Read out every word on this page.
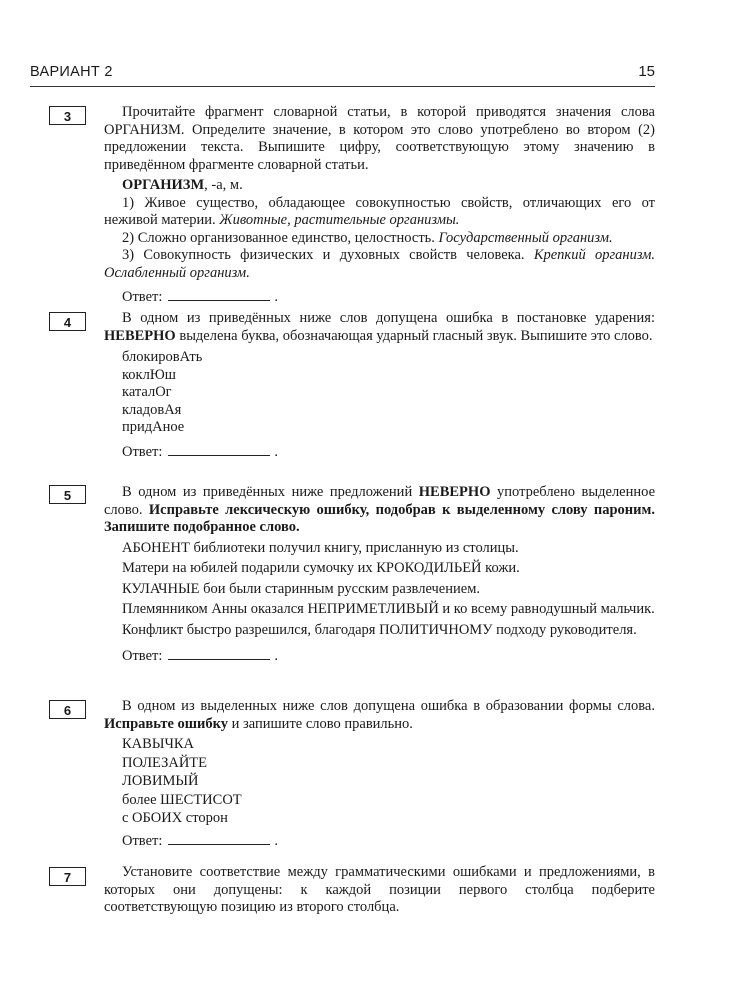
ВАРИАНТ 2	15
3	Прочитайте фрагмент словарной статьи, в которой приводятся значения слова ОРГАНИЗМ. Определите значение, в котором это слово употреблено во втором (2) предложении текста. Выпишите цифру, соответствующую этому значению в приведённом фрагменте словарной статьи.

ОРГАНИЗМ, -а, м.

1) Живое существо, обладающее совокупностью свойств, отличающих его от неживой материи. Животные, растительные организмы.

2) Сложно организованное единство, целостность. Государственный организм.

3) Совокупность физических и духовных свойств человека. Крепкий организм. Ослабленный организм.

Ответ:	.
4	В одном из приведённых ниже слов допущена ошибка в постановке ударения: НЕВЕРНО выделена буква, обозначающая ударный гласный звук. Выпишите это слово.

блокировАть
коклЮш
каталОг
кладовАя
придАное
Ответ:	.
5	В одном из приведённых ниже предложений НЕВЕРНО употреблено выделенное слово. Исправьте лексическую ошибку, подобрав к выделенному слову пароним. Запишите подобранное слово.

АБОНЕНТ библиотеки получил книгу, присланную из столицы.

Матери на юбилей подарили сумочку их КРОКОДИЛЬЕЙ кожи.

КУЛАЧНЫЕ бои были старинным русским развлечением.

Племянником Анны оказался НЕПРИМЕТЛИВЫЙ и ко всему равнодушный мальчик.

Конфликт быстро разрешился, благодаря ПОЛИТИЧНОМУ подходу руководителя.

Ответ:	.
6	В одном из выделенных ниже слов допущена ошибка в образовании формы слова. Исправьте ошибку и запишите слово правильно.

КАВЫЧКА
ПОЛЕЗАЙТЕ
ЛОВИМЫЙ
более ШЕСТИСОТ
с ОБОИХ сторон
Ответ:	.
7	Установите соответствие между грамматическими ошибками и предложениями, в которых они допущены: к каждой позиции первого столбца подберите соответствующую позицию из второго столбца.
